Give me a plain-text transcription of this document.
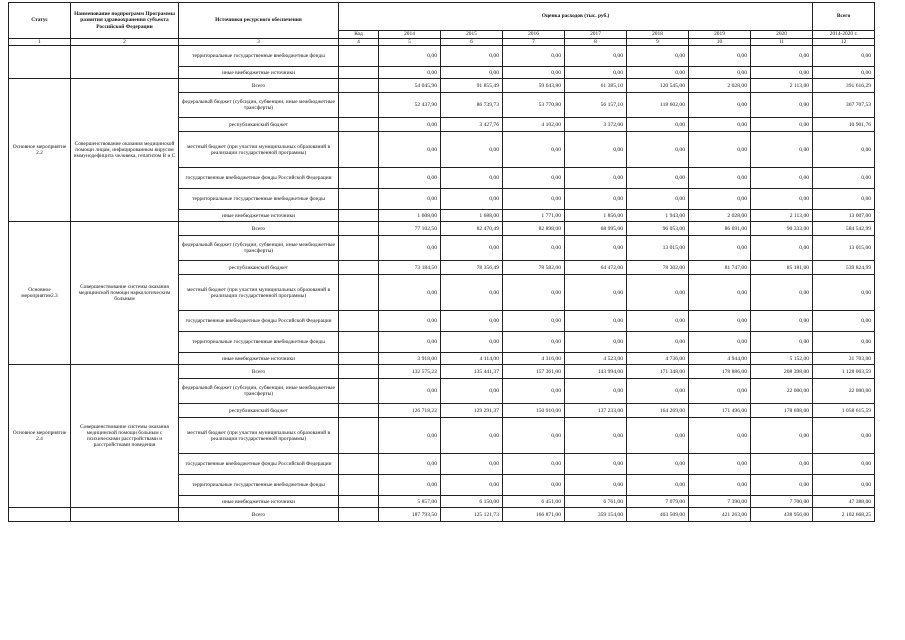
Статус	Наименование подпрограмм Программы развития здравоохранения субъекта Российской Федерации	Источники ресурсного обеспечения	Оценка расходов (тыс. руб.)								Всего
			Код	2014	2015	2016	2017	2018	2019	2020	2014-2020 г.
1	2	3	4	5	6	7	8	9	10	11	12
		территориальные государственные внебюджетные фонды		0,00	0,00	0,00	0,00	0,00	0,00	0,00	0,00
		иные внебюджетные источники		0,00	0,00	0,00	0,00	0,00	0,00	0,00	0,00
Основное мероприятие 2.2	Совершенствование оказания медицинской помощи лицам, инфицированным вирусом иммунодефицита человека, гепатитом В и С	Всего		54 045,90	91 855,49	59 643,80	61 385,10	120 545,00	2 028,00	2 113,00	391 616,29
		федеральный бюджет (субсидии, субвенции, иные межбюджетные трансферты)		52 437,90	86 739,73	53 770,80	56 157,10	118 602,00	0,00	0,00	367 707,53
		республиканский бюджет		0,00	3 427,76	4 102,00	3 372,00	0,00	0,00	0,00	10 901,76
		местный бюджет (при участии муниципальных образований в реализации государственной программы)		0,00	0,00	0,00	0,00	0,00	0,00	0,00	0,00
		государственные внебюджетные фонды Российской Федерации		0,00	0,00	0,00	0,00	0,00	0,00	0,00	0,00
		территориальные государственные внебюджетные фонды		0,00	0,00	0,00	0,00	0,00	0,00	0,00	0,00
		иные внебюджетные источники		1 608,00	1 688,00	1 771,00	1 856,00	1 943,00	2 028,00	2 113,00	13 007,00
Основное мероприятие2.3	Совершенствование системы оказания медицинской помощи наркологическим больным	Всего		77 102,50	82 470,49	82 898,00	68 995,00	96 053,00	86 691,00	90 333,00	584 542,99
		федеральный бюджет (субсидии, субвенции, иные межбюджетные трансферты)		0,00	0,00	0,00	0,00	13 015,00	0,00	0,00	13 015,00
		республиканский бюджет		73 184,50	78 356,49	78 582,00	64 472,00	78 302,00	81 747,00	85 181,00	539 824,99
		местный бюджет (при участии муниципальных образований в реализации государственной программы)		0,00	0,00	0,00	0,00	0,00	0,00	0,00	0,00
		государственные внебюджетные фонды Российской Федерации		0,00	0,00	0,00	0,00	0,00	0,00	0,00	0,00
		территориальные государственные внебюджетные фонды		0,00	0,00	0,00	0,00	0,00	0,00	0,00	0,00
		иные внебюджетные источники		3 918,00	4 114,00	4 316,00	4 523,00	4 736,00	4 944,00	5 152,00	31 703,00
Основное мероприятие 2.4	Совершенствование системы оказания медицинской помощи больным с психическими расстройствами и расстройствами поведения	Всего		132 575,22	135 441,37	157 361,00	143 994,00	171 348,00	178 886,00	208 398,00	1 128 003,59
		федеральный бюджет (субсидии, субвенции, иные межбюджетные трансферты)		0,00	0,00	0,00	0,00	0,00	0,00	22 000,00	22 000,00
		республиканский бюджет		126 718,22	129 291,37	150 910,00	137 233,00	164 269,00	171 496,00	178 698,00	1 058 615,59
		местный бюджет (при участии муниципальных образований в реализации государственной программы)		0,00	0,00	0,00	0,00	0,00	0,00	0,00	0,00
		государственные внебюджетные фонды Российской Федерации		0,00	0,00	0,00	0,00	0,00	0,00	0,00	0,00
		территориальные государственные внебюджетные фонды		0,00	0,00	0,00	0,00	0,00	0,00	0,00	0,00
		иные внебюджетные источники		5 857,00	6 150,00	6 451,00	6 761,00	7 079,00	7 390,00	7 700,00	47 388,00
		Всего		187 793,50	125 121,73	166 871,00	359 154,00	403 509,00	421 263,00	438 956,00	2 102 668,25
